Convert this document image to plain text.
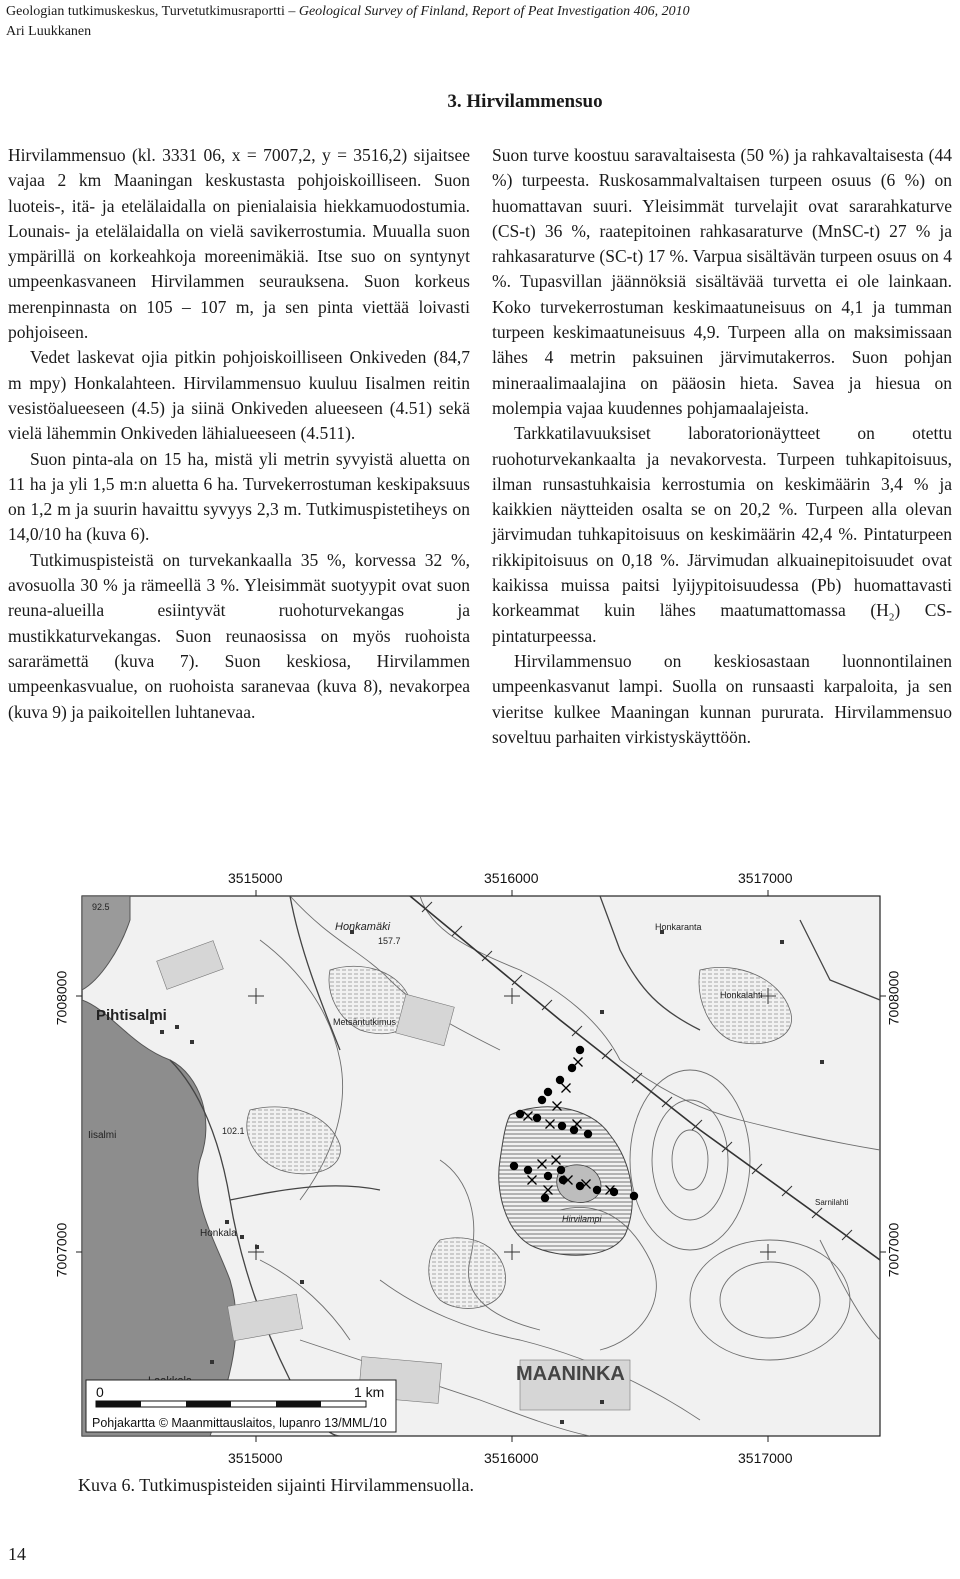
Geologian tutkimuskeskus, Turvetutkimusraportti – Geological Survey of Finland, Report of Peat Investigation 406, 2010
Ari Luukkanen
3. Hirvilammensuo

Hirvilammensuo (kl. 3331 06, x = 7007,2, y = 3516,2) sijaitsee vajaa 2 km Maaningan keskustasta pohjoiskoilliseen. Suon luoteis-, itä- ja etelälaidalla on pienialaisia hiekkamuodostumia. Lounais- ja etelälaidalla on vielä savikerrostumia. Muualla suon ympärillä on korkeahkoja moreenimäkiä. Itse suo on syntynyt umpeenkasvaneen Hirvilammen seurauksena. Suon korkeus merenpinnasta on 105 – 107 m, ja sen pinta viettää loivasti pohjoiseen.

Vedet laskevat ojia pitkin pohjoiskoilliseen Onkiveden (84,7 m mpy) Honkalahteen. Hirvilammensuo kuuluu Iisalmen reitin vesistöalueeseen (4.5) ja siinä Onkiveden alueeseen (4.51) sekä vielä lähemmin Onkiveden lähialueeseen (4.511).

Suon pinta-ala on 15 ha, mistä yli metrin syvyistä aluetta on 11 ha ja yli 1,5 m:n aluetta 6 ha. Turvekerrostuman keskipaksuus on 1,2 m ja suurin havaittu syvyys 2,3 m. Tutkimuspistetiheys on 14,0/10 ha (kuva 6).

Tutkimuspisteistä on turvekankaalla 35 %, korvessa 32 %, avosuolla 30 % ja rämeellä 3 %. Yleisimmät suotyypit ovat suon reuna-alueilla esiintyvät ruohoturvekangas ja mustikkaturvekangas. Suon reunaosissa on myös ruohoista sararämettä (kuva 7). Suon keskiosa, Hirvilammen umpeenkasvualue, on ruohoista saranevaa (kuva 8), nevakorpea (kuva 9) ja paikoitellen luhtanevaa.

Suon turve koostuu saravaltaisesta (50 %) ja rahkavaltaisesta (44 %) turpeesta. Ruskosammalvaltaisen turpeen osuus (6 %) on huomattavan suuri. Yleisimmät turvelajit ovat sararahkaturve (CS-t) 36 %, raatepitoinen rahkasaraturve (MnSC-t) 27 % ja rahkasaraturve (SC-t) 17 %. Varpua sisältävän turpeen osuus on 4 %. Tupasvillan jäännöksiä sisältävää turvetta ei ole lainkaan. Koko turvekerrostuman keskimaatuneisuus on 4,1 ja tumman turpeen keskimaatuneisuus 4,9. Turpeen alla on maksimissaan lähes 4 metrin paksuinen järvimutakerros. Suon pohjan mineraalimaalajina on pääosin hieta. Savea ja hiesua on molempia vajaa kuudennes pohjamaalajeista.

Tarkkatilavuuksiset laboratorionäytteet on otettu ruohoturvekankaalta ja nevakorvesta. Turpeen tuhkapitoisuus, ilman runsastuhkaisia kerrostumia on keskimäärin 3,4 % ja kaikkien näytteiden osalta se on 20,2 %. Turpeen alla olevan järvimudan tuhkapitoisuus on keskimäärin 42,4 %. Pintaturpeen rikkipitoisuus on 0,18 %. Järvimudan alkuainepitoisuudet ovat kaikissa muissa paitsi lyijypitoisuudessa (Pb) huomattavasti korkeammat kuin lähes maatumattomassa $(H_2)$ CS- pintaturpeessa.

Hirvilammensuo on keskiosastaan luonnontilainen umpeenkasvanut lampi. Suolla on runsaasti karpaloita, ja sen vieritse kulkee Maaningan kunnan pururata. Hirvilammensuo soveltuu parhaiten virkistyskäyttöön.

3515000	3516000	3517000
3515000	3516000	3517000
7008000
7007000
7008000
7007000
Pihtisalmi
Honkamäki	Honkaranta
Honkalahti
Metsäntutkimus
Iisalmi
Honkala
MAANINKA
Hirvilampi
Sarnilahti
92.5
102.1
157.7
0	1 km
Pohjakartta © Maanmittauslaitos, lupanro 13/MML/10
Kuva 6. Tutkimuspisteiden sijainti Hirvilammensuolla.
14
